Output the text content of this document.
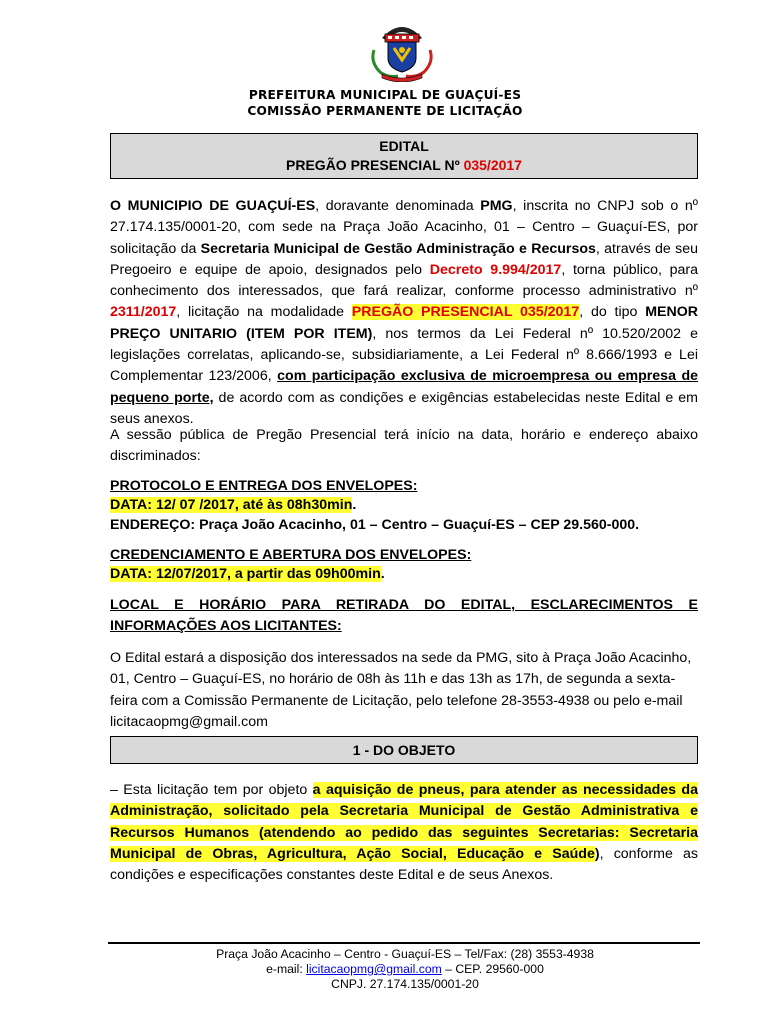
PREFEITURA MUNICIPAL DE GUAÇUÍ-ES
COMISSÃO PERMANENTE DE LICITAÇÃO
EDITAL
PREGÃO PRESENCIAL Nº 035/2017
O MUNICIPIO DE GUAÇUÍ-ES, doravante denominada PMG, inscrita no CNPJ sob o nº 27.174.135/0001-20, com sede na Praça João Acacinho, 01 – Centro – Guaçuí-ES, por solicitação da Secretaria Municipal de Gestão Administração e Recursos, através de seu Pregoeiro e equipe de apoio, designados pelo Decreto 9.994/2017, torna público, para conhecimento dos interessados, que fará realizar, conforme processo administrativo nº 2311/2017, licitação na modalidade PREGÃO PRESENCIAL 035/2017, do tipo MENOR PREÇO UNITARIO (ITEM POR ITEM), nos termos da Lei Federal nº 10.520/2002 e legislações correlatas, aplicando-se, subsidiariamente, a Lei Federal nº 8.666/1993 e Lei Complementar 123/2006, com participação exclusiva de microempresa ou empresa de pequeno porte, de acordo com as condições e exigências estabelecidas neste Edital e em seus anexos.
A sessão pública de Pregão Presencial terá início na data, horário e endereço abaixo discriminados:
PROTOCOLO E ENTREGA DOS ENVELOPES:
DATA: 12/ 07 /2017, até às 08h30min.
ENDEREÇO: Praça João Acacinho, 01 – Centro – Guaçuí-ES – CEP 29.560-000.
CREDENCIAMENTO E ABERTURA DOS ENVELOPES:
DATA: 12/07/2017, a partir das 09h00min.
LOCAL E HORÁRIO PARA RETIRADA DO EDITAL, ESCLARECIMENTOS E INFORMAÇÕES AOS LICITANTES:
O Edital estará a disposição dos interessados na sede da PMG, sito à Praça João Acacinho, 01, Centro – Guaçuí-ES, no horário de 08h às 11h e das 13h as 17h, de segunda a sexta-feira com a Comissão Permanente de Licitação, pelo telefone 28-3553-4938 ou pelo e-mail licitacaopmg@gmail.com
1 - DO OBJETO
– Esta licitação tem por objeto a aquisição de pneus, para atender as necessidades da Administração, solicitado pela Secretaria Municipal de Gestão Administrativa e Recursos Humanos (atendendo ao pedido das seguintes Secretarias: Secretaria Municipal de Obras, Agricultura, Ação Social, Educação e Saúde), conforme as condições e especificações constantes deste Edital e de seus Anexos.
Praça João Acacinho – Centro - Guaçuí-ES – Tel/Fax: (28) 3553-4938
e-mail: licitacaopmg@gmail.com – CEP. 29560-000
CNPJ. 27.174.135/0001-20
